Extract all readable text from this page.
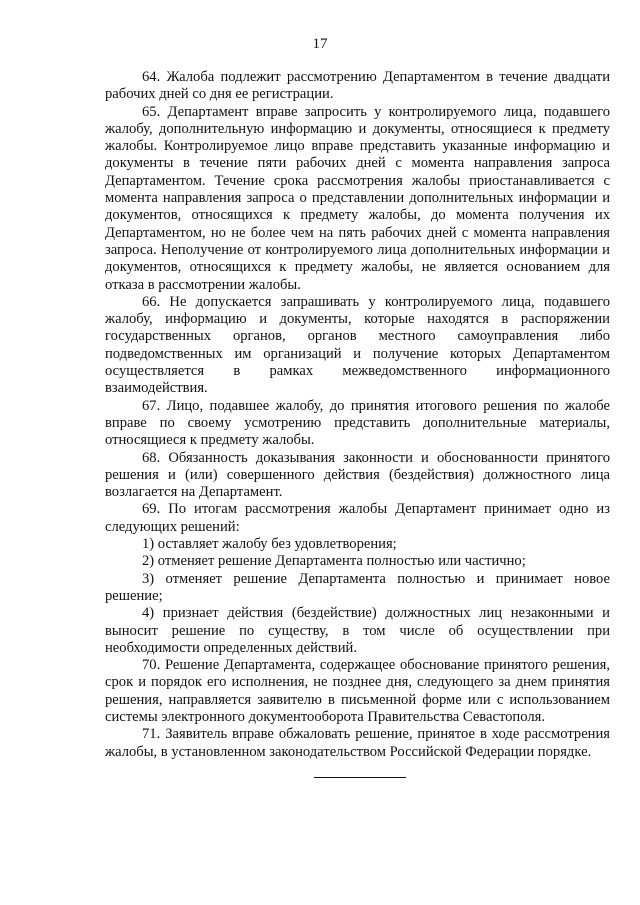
17

64. Жалоба подлежит рассмотрению Департаментом в течение двадцати рабочих дней со дня ее регистрации.

65. Департамент вправе запросить у контролируемого лица, подавшего жалобу, дополнительную информацию и документы, относящиеся к предмету жалобы. Контролируемое лицо вправе представить указанные информацию и документы в течение пяти рабочих дней с момента направления запроса Департаментом. Течение срока рассмотрения жалобы приостанавливается с момента направления запроса о представлении дополнительных информации и документов, относящихся к предмету жалобы, до момента получения их Департаментом, но не более чем на пять рабочих дней с момента направления запроса. Неполучение от контролируемого лица дополнительных информации и документов, относящихся к предмету жалобы, не является основанием для отказа в рассмотрении жалобы.

66. Не допускается запрашивать у контролируемого лица, подавшего жалобу, информацию и документы, которые находятся в распоряжении государственных органов, органов местного самоуправления либо подведомственных им организаций и получение которых Департаментом осуществляется в рамках межведомственного информационного взаимодействия.

67. Лицо, подавшее жалобу, до принятия итогового решения по жалобе вправе по своему усмотрению представить дополнительные материалы, относящиеся к предмету жалобы.

68. Обязанность доказывания законности и обоснованности принятого решения и (или) совершенного действия (бездействия) должностного лица возлагается на Департамент.

69. По итогам рассмотрения жалобы Департамент принимает одно из следующих решений:

1) оставляет жалобу без удовлетворения;

2) отменяет решение Департамента полностью или частично;

3) отменяет решение Департамента полностью и принимает новое решение;

4) признает действия (бездействие) должностных лиц незаконными и выносит решение по существу, в том числе об осуществлении при необходимости определенных действий.

70. Решение Департамента, содержащее обоснование принятого решения, срок и порядок его исполнения, не позднее дня, следующего за днем принятия решения, направляется заявителю в письменной форме или с использованием системы электронного документооборота Правительства Севастополя.

71. Заявитель вправе обжаловать решение, принятое в ходе рассмотрения жалобы, в установленном законодательством Российской Федерации порядке.
